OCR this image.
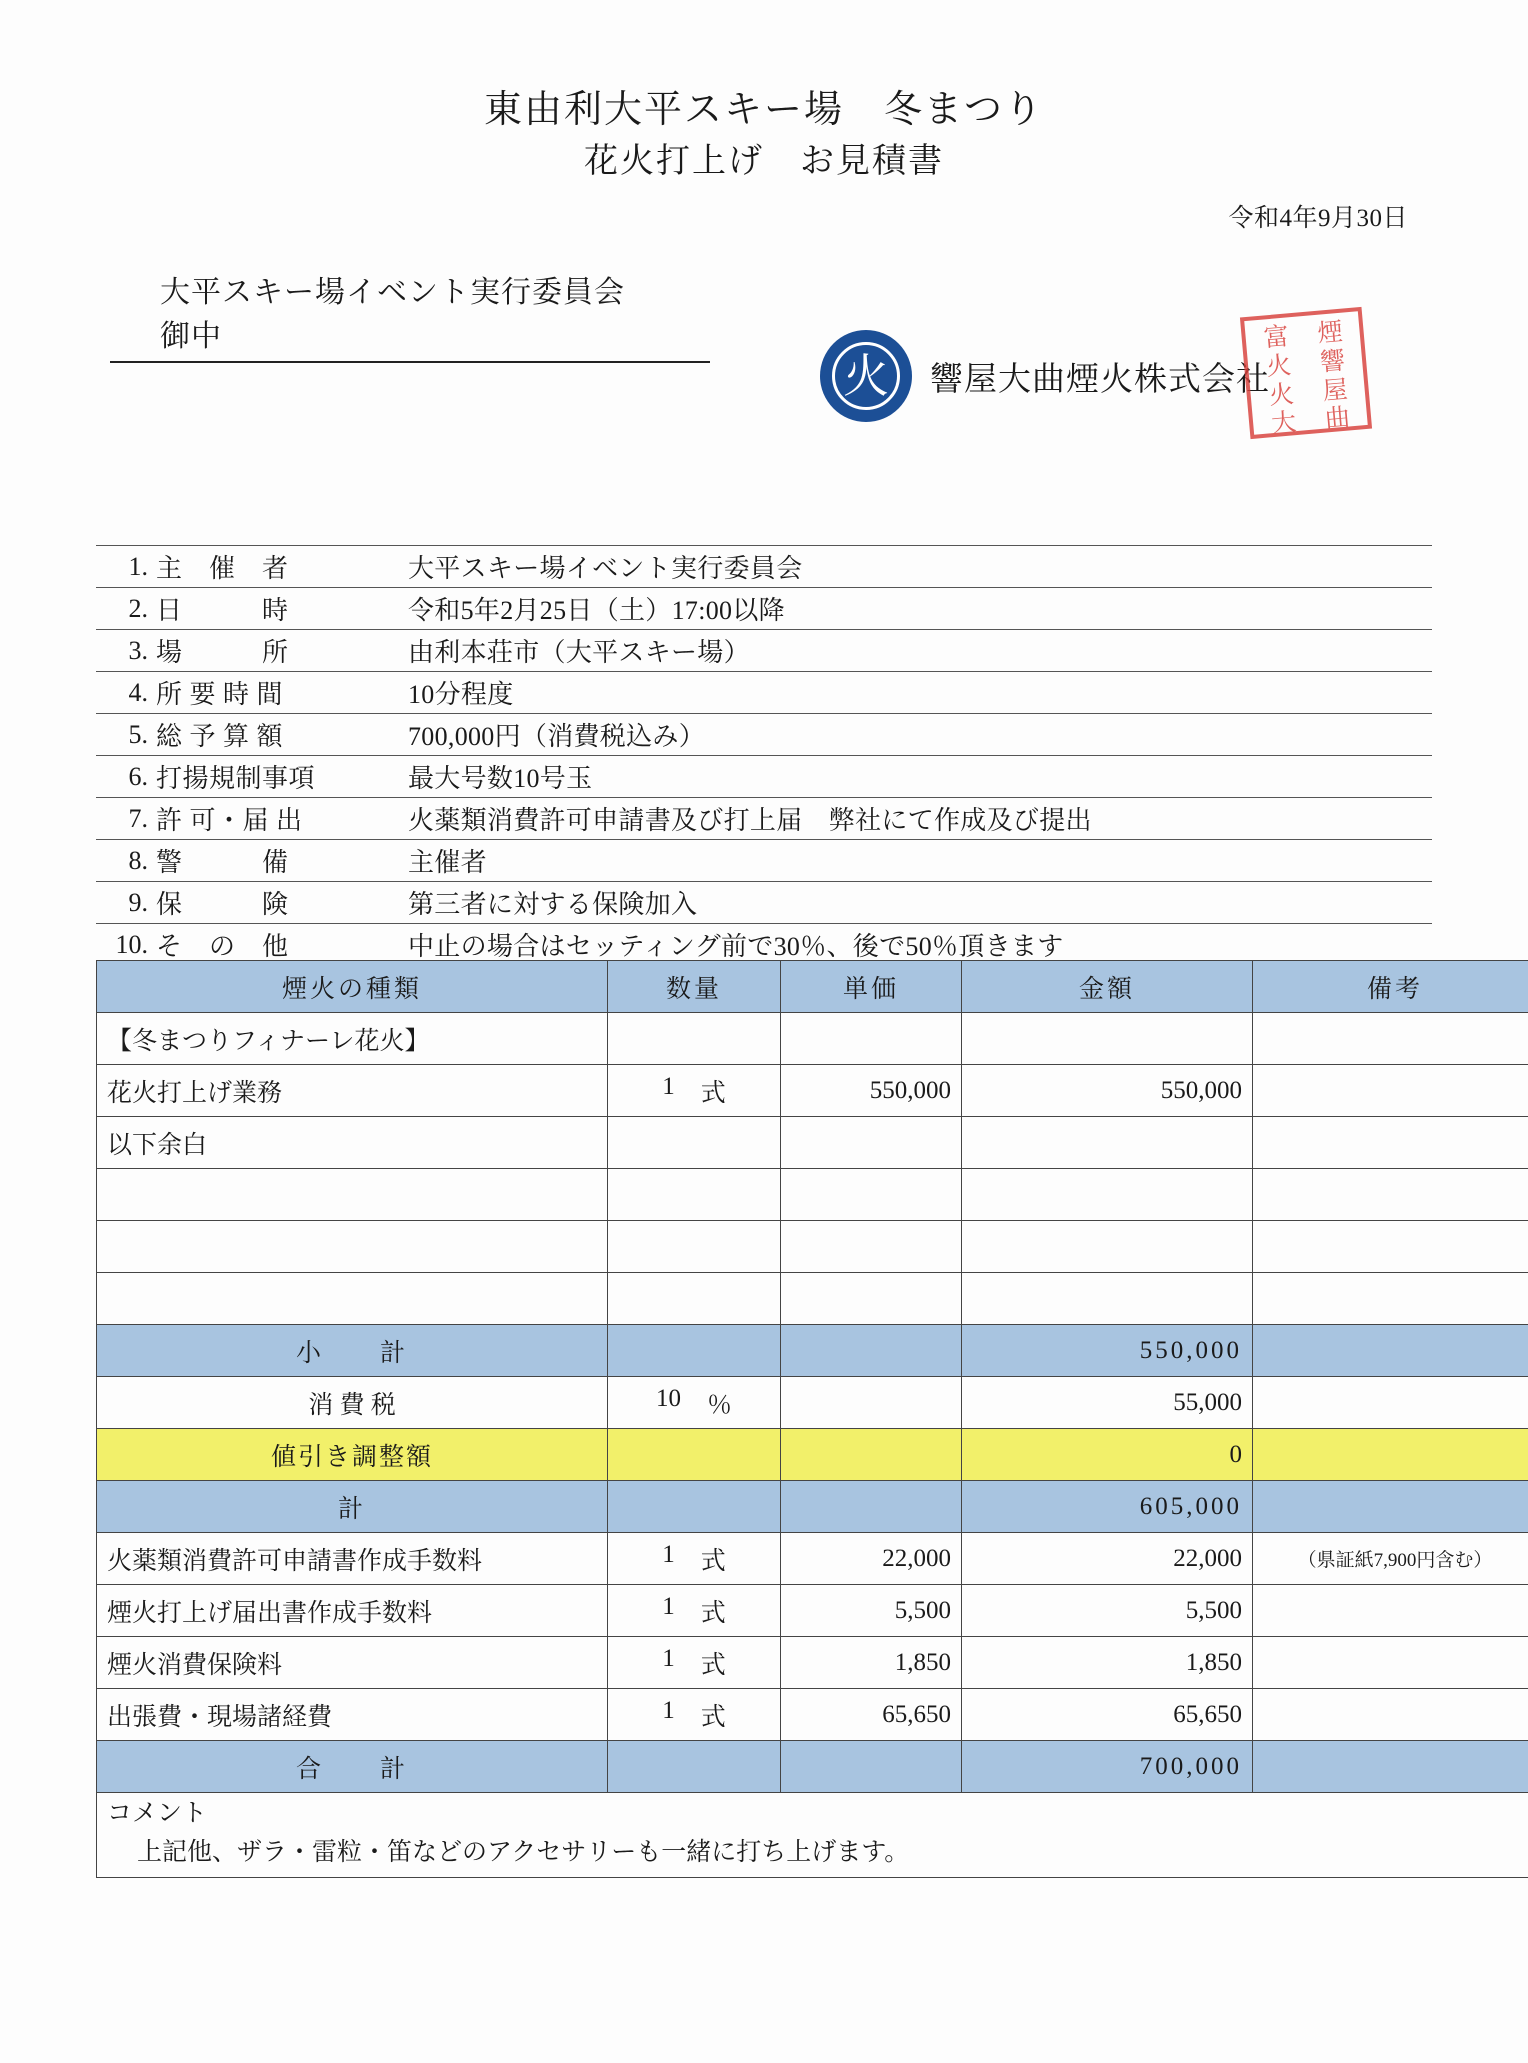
東由利大平スキー場　冬まつり
花火打上げ　お見積書
令和4年9月30日
大平スキー場イベント実行委員会　御中
火	響屋大曲煙火株式会社
富	煙
火	響
火	屋
大	曲
1. 主　催　者	大平スキー場イベント実行委員会
2. 日　　　時	令和5年2月25日（土）17:00以降
3. 場　　　所	由利本荘市（大平スキー場）
4. 所 要 時 間	10分程度
5. 総 予 算 額	700,000円（消費税込み）
6. 打揚規制事項	最大号数10号玉
7. 許 可・届 出	火薬類消費許可申請書及び打上届　弊社にて作成及び提出
8. 警　　　備	主催者
9. 保　　　険	第三者に対する保険加入
10. そ　の　他	中止の場合はセッティング前で30％、後で50％頂きます
煙火の種類	数量	単価	金額	備考
【冬まつりフィナーレ花火】				
花火打上げ業務	1 式	550,000	550,000	
以下余白				

小　　計			550,000	
消 費 税	10 ％		55,000	
値引き調整額			0	
計			605,000	
火薬類消費許可申請書作成手数料	1 式	22,000	22,000	（県証紙7,900円含む）
煙火打上げ届出書作成手数料	1 式	5,500	5,500	
煙火消費保険料	1 式	1,850	1,850	
出張費・現場諸経費	1 式	65,650	65,650	
合　　計			700,000	

コメント
上記他、ザラ・雷粒・笛などのアクセサリーも一緒に打ち上げます。				
